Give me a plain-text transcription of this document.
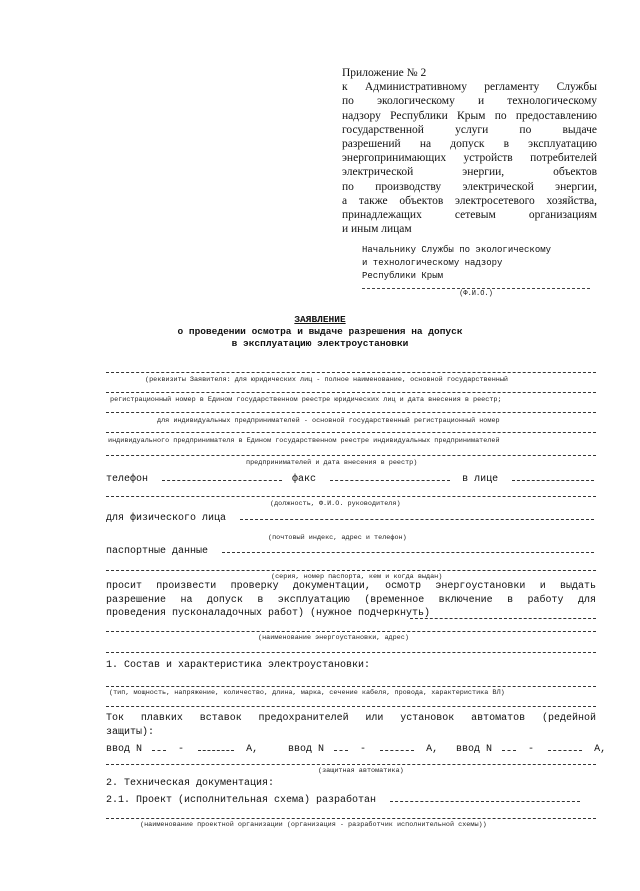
Приложение № 2
к Административному регламенту Службы
по экологическому и технологическому
надзору Республики Крым по предоставлению
государственной услуги по выдаче
разрешений на допуск в эксплуатацию
энергопринимающих устройств потребителей
электрической энергии, объектов
по производству электрической энергии,
а также объектов электросетевого хозяйства,
принадлежащих сетевым организациям
и иным лицам
Начальнику Службы по экологическому
и технологическому надзору
Республики Крым
(Ф.И.О.)
ЗАЯВЛЕНИЕ
о проведении осмотра и выдаче разрешения на допуск
в эксплуатацию электроустановки
(реквизиты Заявителя: для юридических лиц - полное наименование, основной государственный
регистрационный номер в Едином государственном реестре юридических лиц и дата внесения в реестр;
для индивидуальных предпринимателей - основной государственный регистрационный номер
индивидуального предпринимателя в Едином государственном реестре индивидуальных предпринимателей
предпринимателей и дата внесения в реестр)
телефон	факс	в лице
(должность, Ф.И.О. руководителя)
для физического лица
(почтовый индекс, адрес и телефон)
паспортные данные
(серия, номер паспорта, кем и когда выдан)
просит произвести проверку документации, осмотр энергоустановки и выдать
разрешение на допуск в эксплуатацию (временное включение в работу для
проведения пусконаладочных работ) (нужное подчеркнуть)
(наименование энергоустановки, адрес)
1. Состав и характеристика электроустановки:
(тип, мощность, напряжение, количество, длина, марка, сечение кабеля, провода, характеристика ВЛ)
Ток плавких вставок предохранителей или установок автоматов (редейной
защиты):
ввод N	-	А,	ввод N	-	А, ввод N	-	А,
(защитная автоматика)
2. Техническая документация:
2.1. Проект (исполнительная схема) разработан
(наименование проектной организации (организация - разработчик исполнительной схемы))
